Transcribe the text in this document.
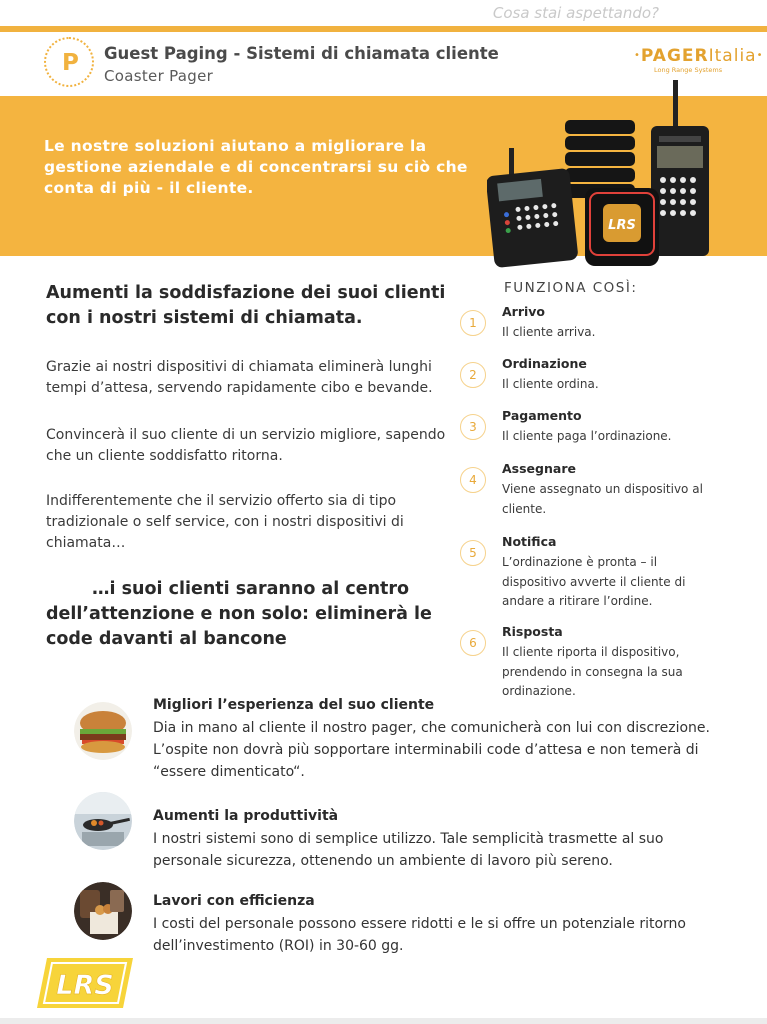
Cosa stai aspettando?
P Guest Paging - Sistemi di chiamata cliente
Coaster Pager
•PAGERItalia•
Long Range Systems
Le nostre soluzioni aiutano a migliorare la gestione aziendale e di concentrarsi su ciò che conta di più - il cliente.
LRS
Aumenti la soddisfazione dei suoi clienti con i nostri sistemi di chiamata.
Grazie ai nostri dispositivi di chiamata eliminerà lunghi tempi d’attesa, servendo rapidamente cibo e bevande.
Convincerà il suo cliente di un servizio migliore, sapendo che un cliente soddisfatto ritorna.
Indifferentemente che il servizio offerto sia di tipo tradizionale o self service, con i nostri dispositivi di chiamata…
…i suoi clienti saranno al centro
dell’attenzione e non solo: eliminerà le code davanti al bancone
FUNZIONA COSÌ:
1
Arrivo
Il cliente arriva.
2
Ordinazione
Il cliente ordina.
3
Pagamento
Il cliente paga l’ordinazione.
4
Assegnare
Viene assegnato un dispositivo al cliente.
5
Notifica
L’ordinazione è pronta – il dispositivo avverte il cliente di andare a ritirare l’ordine.
6
Risposta
Il cliente riporta il dispositivo, prendendo in consegna la sua ordinazione.
Migliori l’esperienza del suo cliente
Dia in mano al cliente il nostro pager, che comunicherà con lui con discrezione. L’ospite non dovrà più sopportare interminabili code d’attesa e non temerà di “essere dimenticato“.
Aumenti la produttività
I nostri sistemi sono di semplice utilizzo. Tale semplicità trasmette al suo personale sicurezza, ottenendo un ambiente di lavoro più sereno.
Lavori con efficienza
I costi del personale possono essere ridotti e le si offre un potenziale ritorno dell’investimento (ROI) in 30-60 gg.
LRS
